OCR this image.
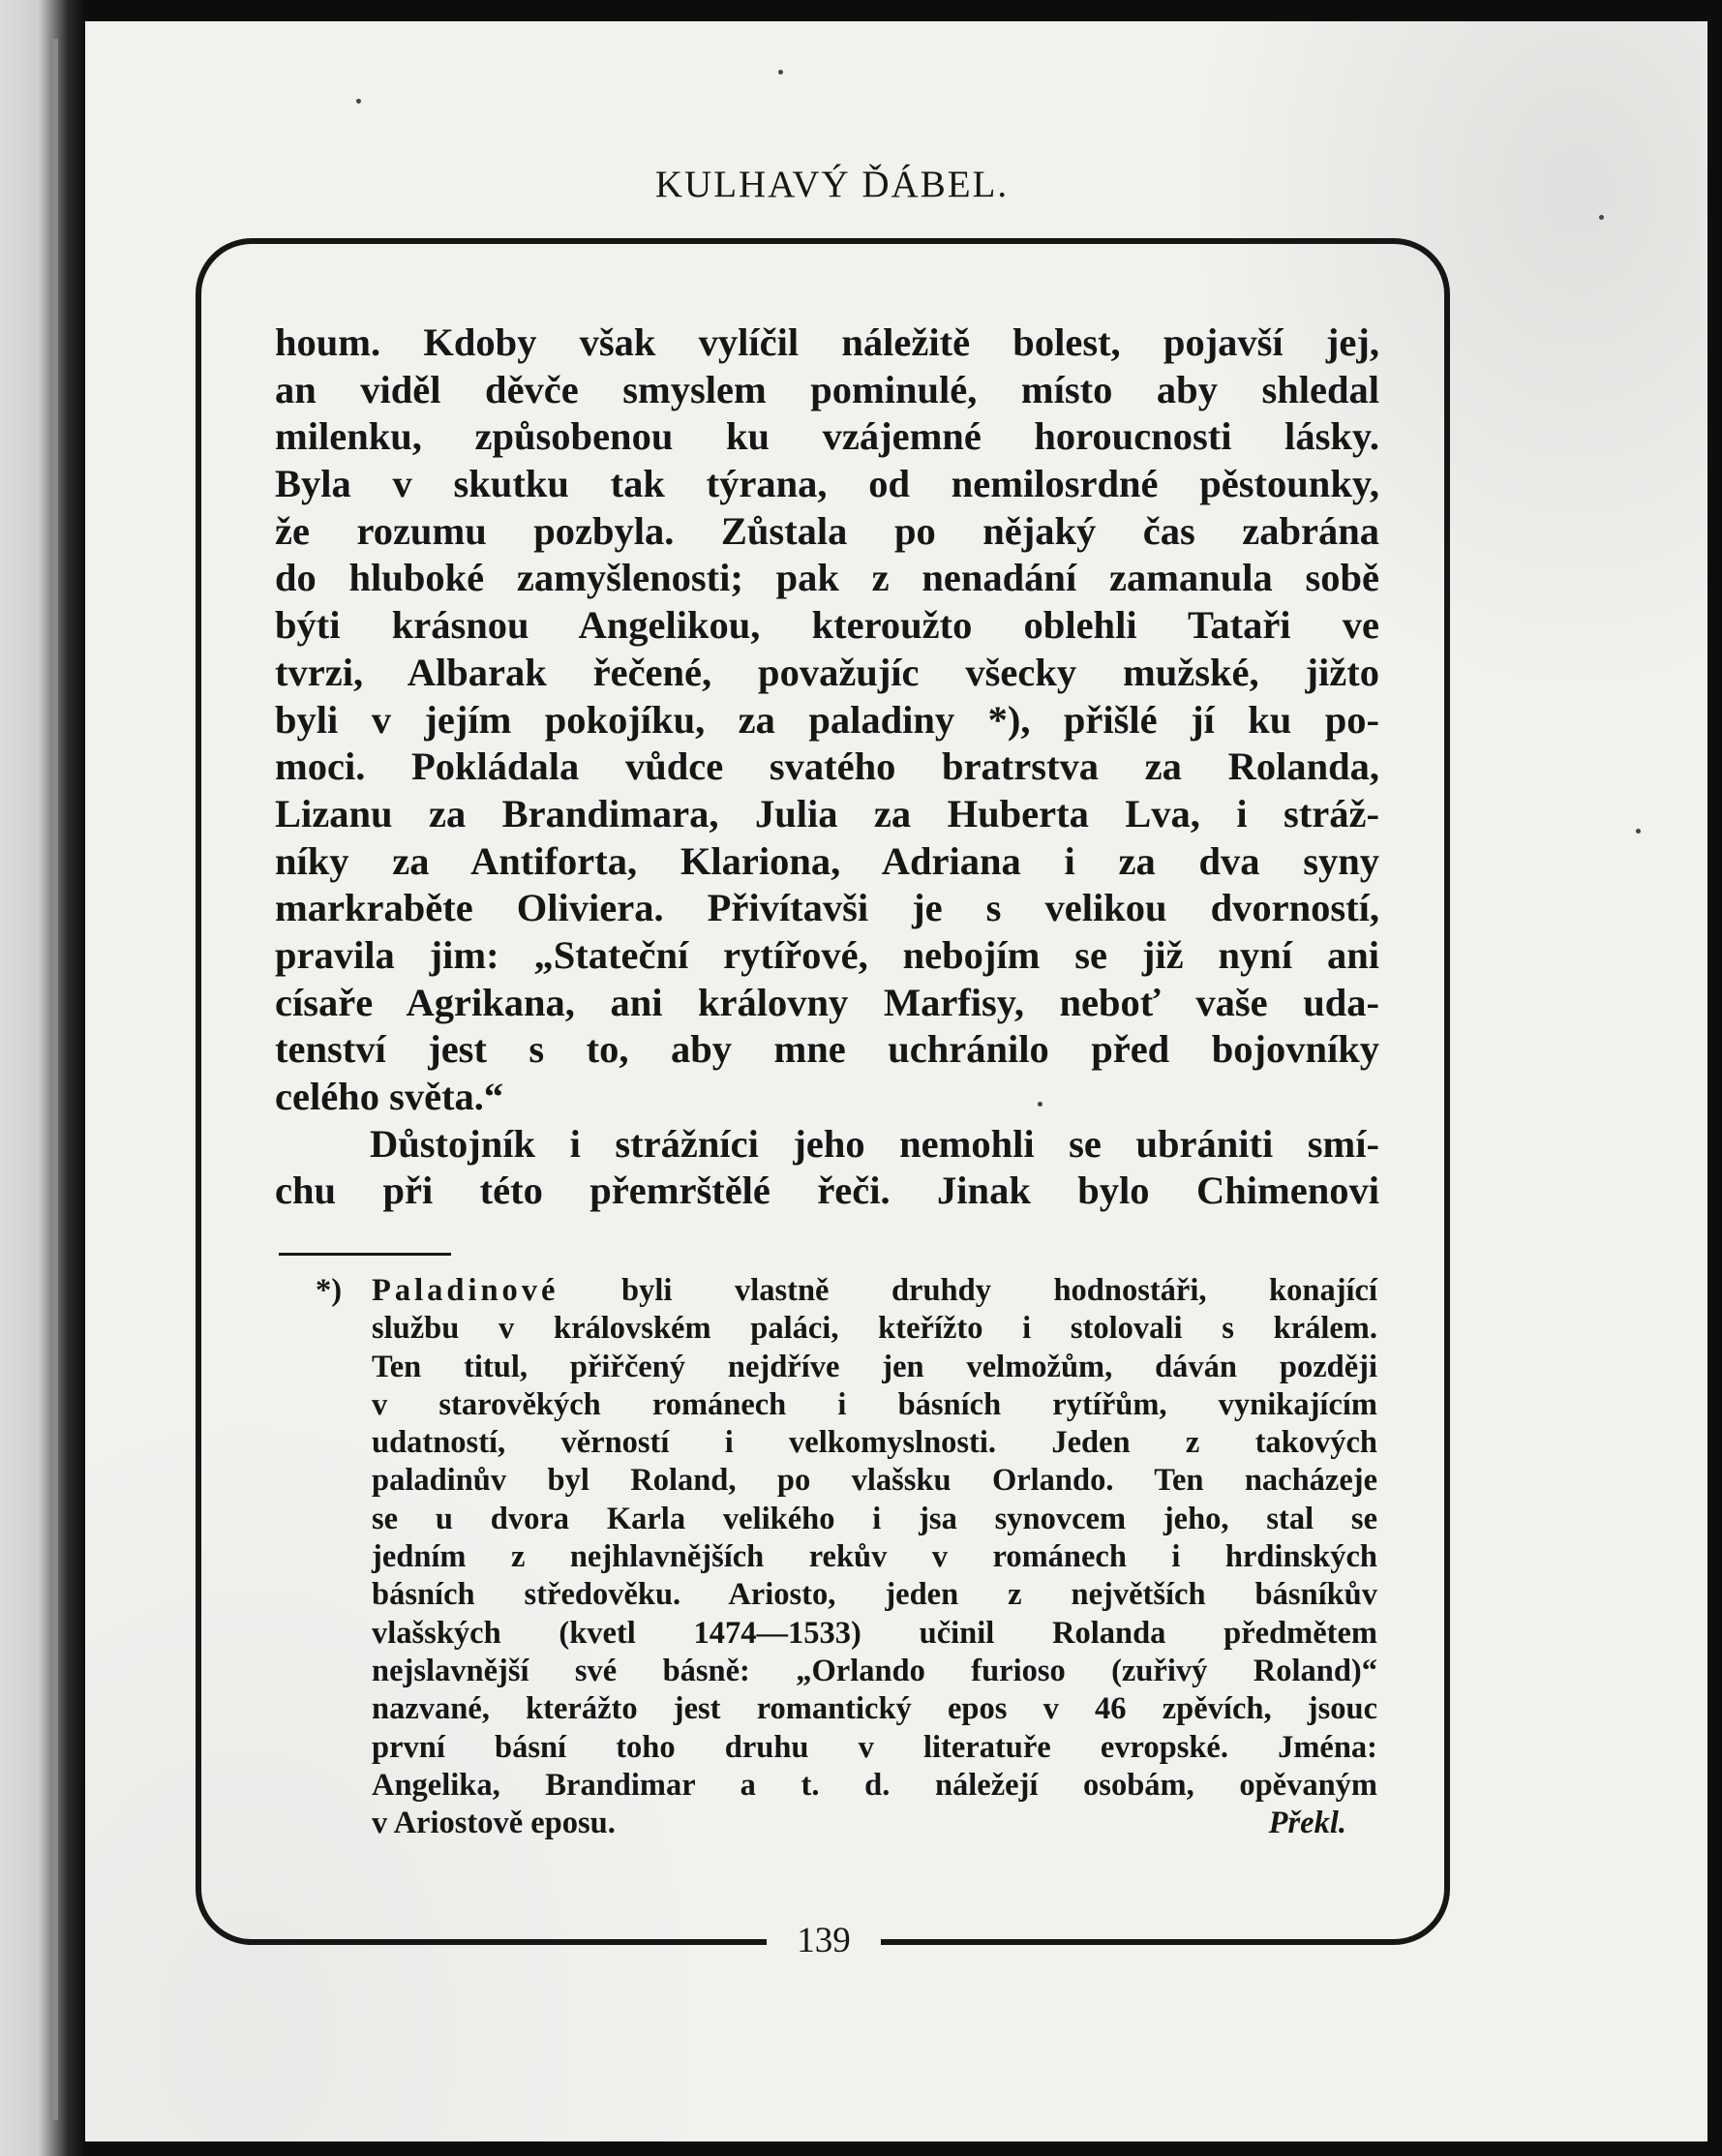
KULHAVÝ ĎÁBEL.
139
houm. Kdoby však vylíčil náležitě bolest, pojavší jej,
an viděl děvče smyslem pominulé, místo aby shledal
milenku, způsobenou ku vzájemné horoucnosti lásky.
Byla v skutku tak týrana, od nemilosrdné pěstounky,
že rozumu pozbyla. Zůstala po nějaký čas zabrána
do hluboké zamyšlenosti; pak z nenadání zamanula sobě
býti krásnou Angelikou, kteroužto oblehli Tataři ve
tvrzi, Albarak řečené, považujíc všecky mužské, jižto
byli v jejím pokojíku, za paladiny *), přišlé jí ku po-
moci. Pokládala vůdce svatého bratrstva za Rolanda,
Lizanu za Brandimara, Julia za Huberta Lva, i stráž-
níky za Antiforta, Klariona, Adriana i za dva syny
markraběte Oliviera. Přivítavši je s velikou dvorností,
pravila jim: „Stateční rytířové, nebojím se již nyní ani
císaře Agrikana, ani královny Marfisy, neboť vaše uda-
tenství jest s to, aby mne uchránilo před bojovníky
celého světa.“
Důstojník i strážníci jeho nemohli se ubrániti smí-
chu při této přemrštělé řeči. Jinak bylo Chimenovi
*) Paladinové byli vlastně druhdy hodnostáři, konající
službu v královském paláci, kteřížto i stolovali s králem.
Ten titul, přiřčený nejdříve jen velmožům, dáván později
v starověkých románech i básních rytířům, vynikajícím
udatností, věrností i velkomyslnosti. Jeden z takových
paladinův byl Roland, po vlašsku Orlando. Ten nacházeje
se u dvora Karla velikého i jsa synovcem jeho, stal se
jedním z nejhlavnějších rekův v románech i hrdinských
básních středověku. Ariosto, jeden z největších básníkův
vlašských (kvetl 1474—1533) učinil Rolanda předmětem
nejslavnější své básně: „Orlando furioso (zuřivý Roland)“
nazvané, kterážto jest romantický epos v 46 zpěvích, jsouc
první básní toho druhu v literatuře evropské. Jména:
Angelika, Brandimar a t. d. náležejí osobám, opěvaným
v Ariostově eposu.	Překl.
